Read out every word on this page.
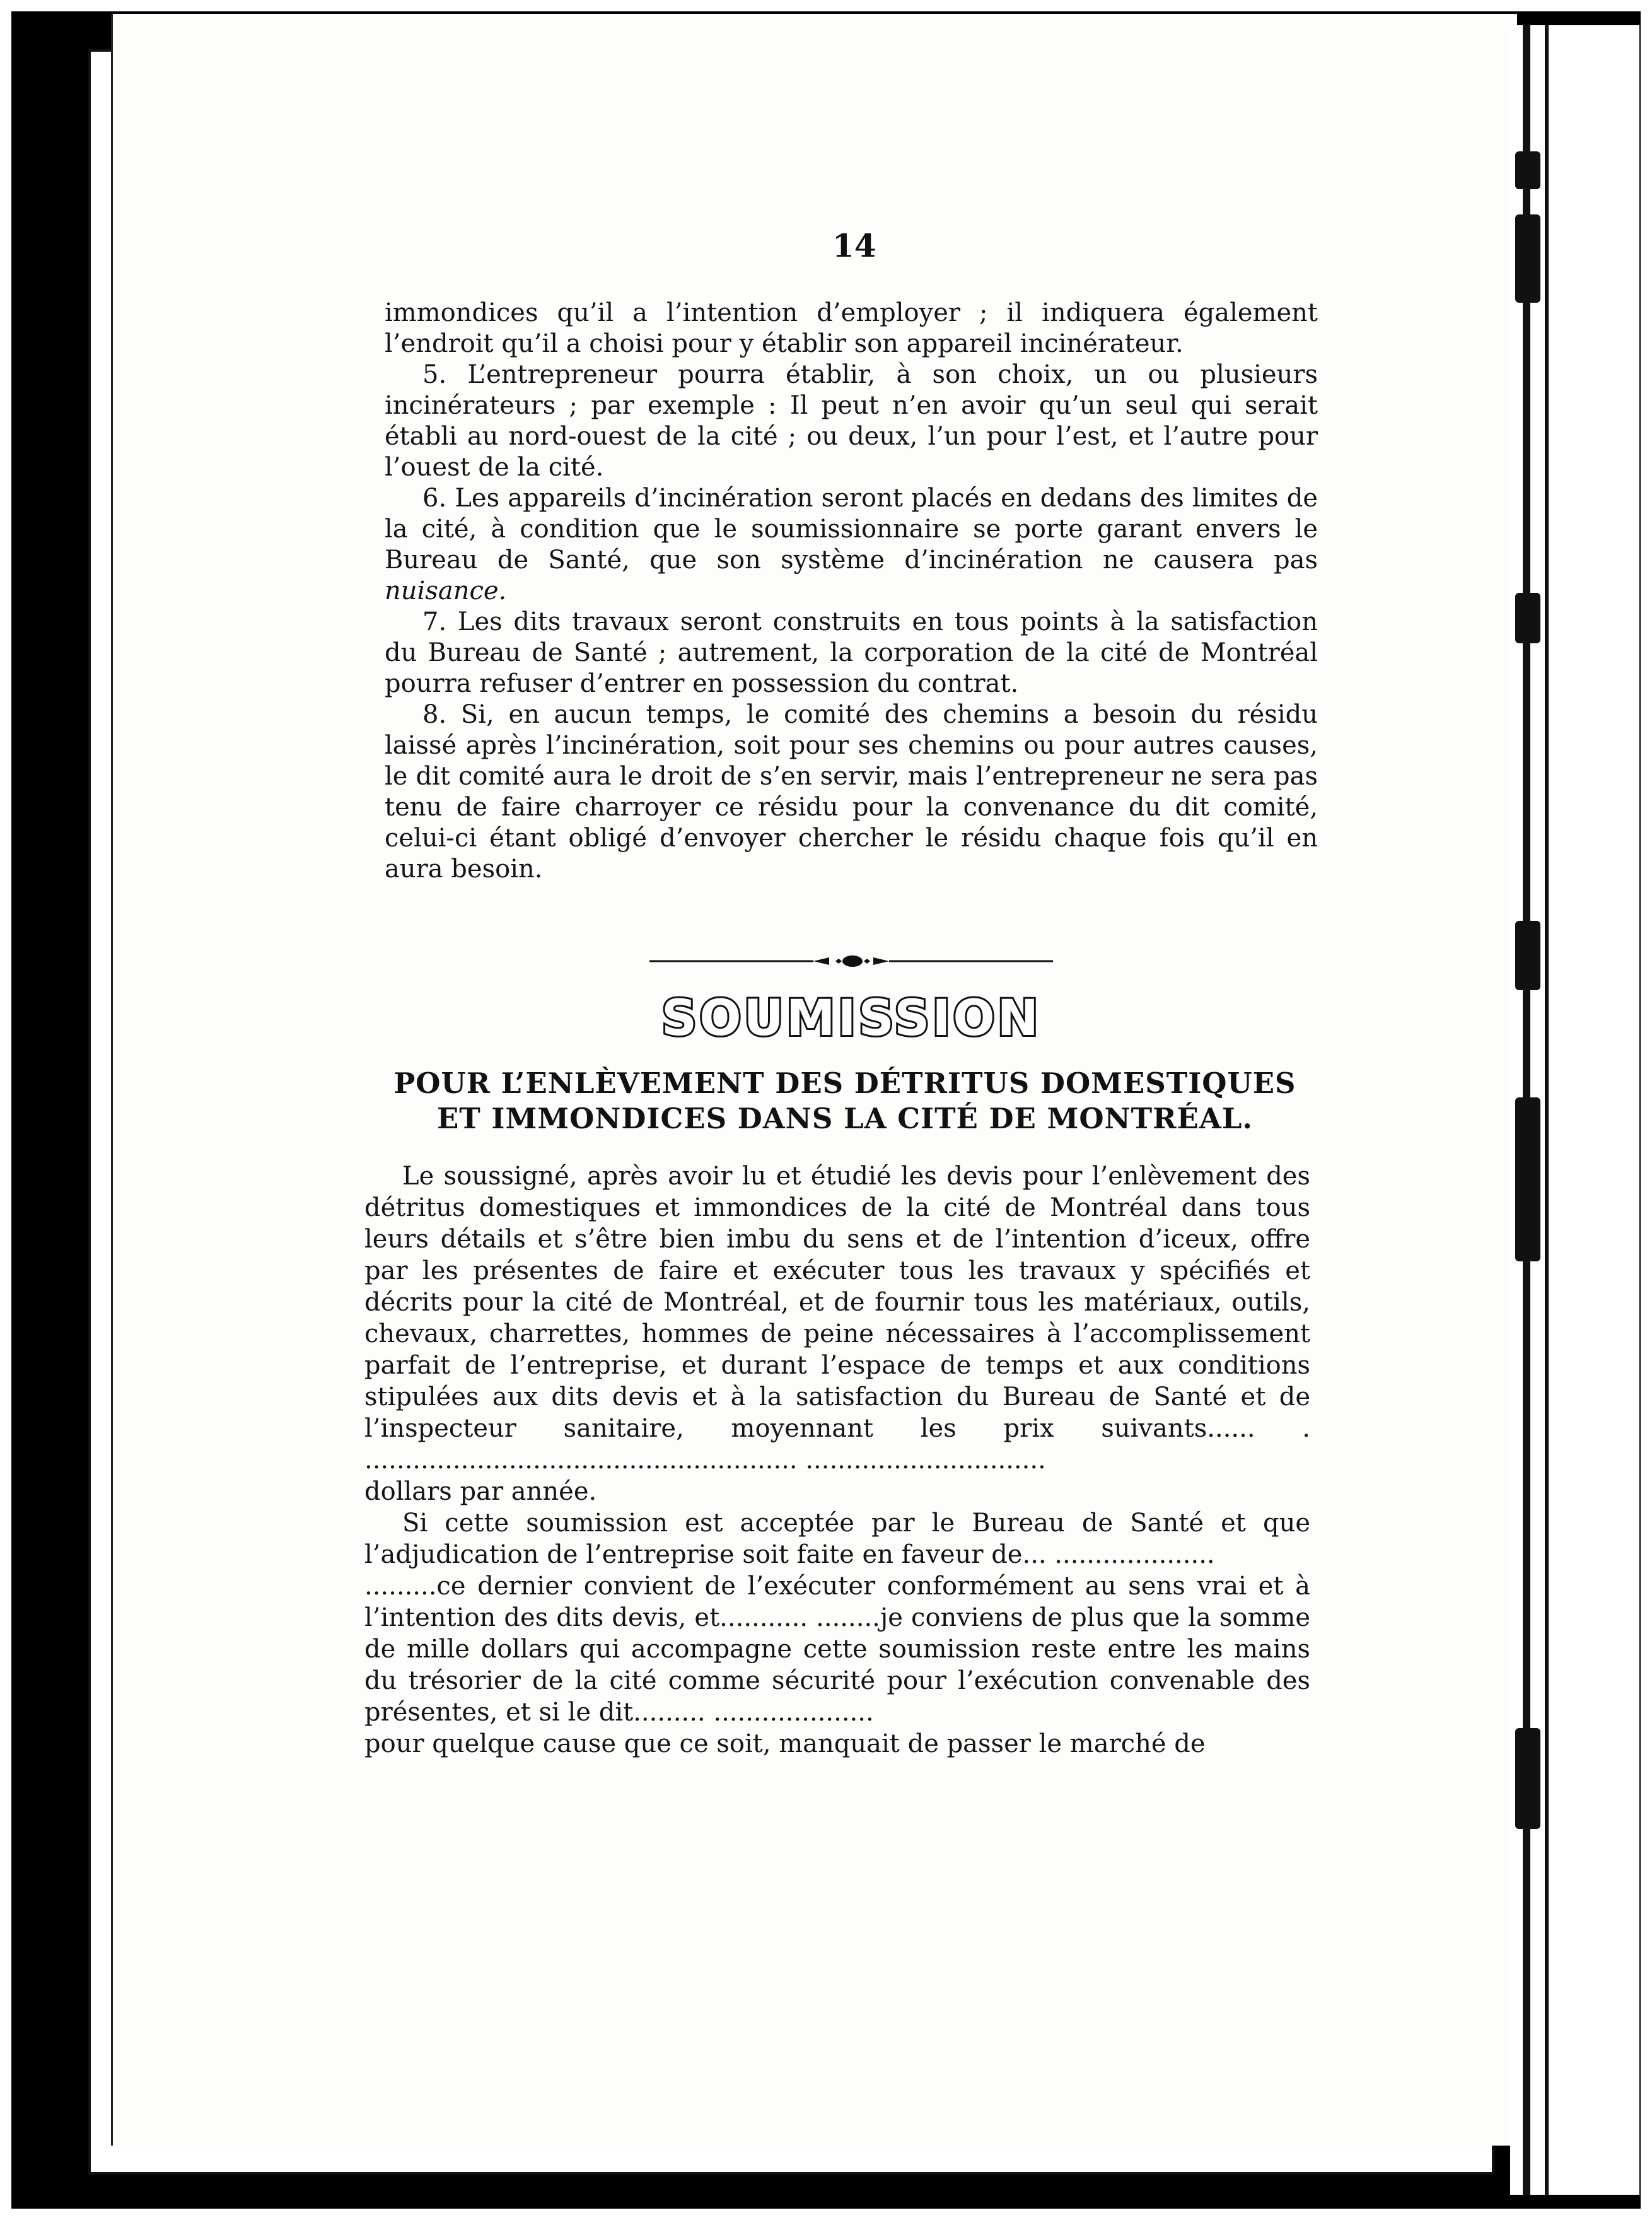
14

immondices qu’il a l’intention d’employer ; il indiquera également l’endroit qu’il a choisi pour y établir son appareil incinérateur.

5. L’entrepreneur pourra établir, à son choix, un ou plusieurs incinérateurs ; par exemple : Il peut n’en avoir qu’un seul qui serait établi au nord-ouest de la cité ; ou deux, l’un pour l’est, et l’autre pour l’ouest de la cité.

6. Les appareils d’incinération seront placés en dedans des limites de la cité, à condition que le soumissionnaire se porte garant envers le Bureau de Santé, que son système d’incinération ne causera pas nuisance.

7. Les dits travaux seront construits en tous points à la satisfaction du Bureau de Santé ; autrement, la corporation de la cité de Montréal pourra refuser d’entrer en possession du contrat.

8. Si, en aucun temps, le comité des chemins a besoin du résidu laissé après l’incinération, soit pour ses chemins ou pour autres causes, le dit comité aura le droit de s’en servir, mais l’entrepreneur ne sera pas tenu de faire charroyer ce résidu pour la convenance du dit comité, celui-ci étant obligé d’envoyer chercher le résidu chaque fois qu’il en aura besoin.

SOUMISSION
POUR L’ENLÈVEMENT DES DÉTRITUS DOMESTIQUES
ET IMMONDICES DANS LA CITÉ DE MONTRÉAL.

Le soussigné, après avoir lu et étudié les devis pour l’enlèvement des détritus domestiques et immondices de la cité de Montréal dans tous leurs détails et s’être bien imbu du sens et de l’intention d’iceux, offre par les présentes de faire et exécuter tous les travaux y spécifiés et décrits pour la cité de Montréal, et de fournir tous les matériaux, outils, chevaux, charrettes, hommes de peine nécessaires à l’accomplissement parfait de l’entreprise, et durant l’espace de temps et aux conditions stipulées aux dits devis et à la satisfaction du Bureau de Santé et de l’inspecteur sanitaire, moyennant les prix suivants...... . ...................................................... ..............................

dollars par année.

Si cette soumission est acceptée par le Bureau de Santé et que l’adjudication de l’entreprise soit faite en faveur de... ....................

.........ce dernier convient de l’exécuter conformément au sens vrai et à l’intention des dits devis, et........... ........je conviens de plus que la somme de mille dollars qui accompagne cette soumission reste entre les mains du trésorier de la cité comme sécurité pour l’exécution convenable des présentes, et si le dit......... ....................

pour quelque cause que ce soit, manquait de passer le marché de
